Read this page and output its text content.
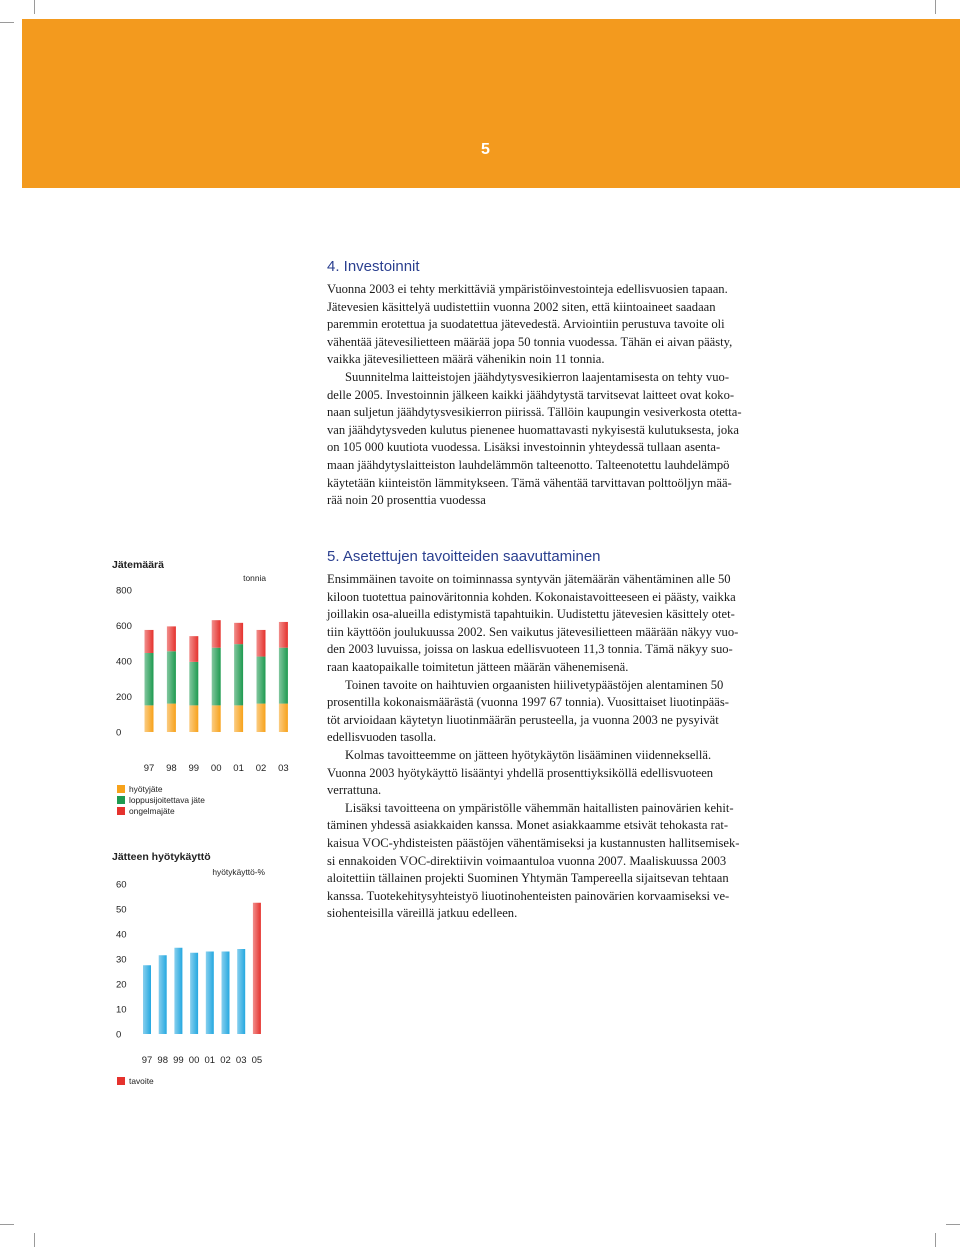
5
4. Investoinnit

Vuonna 2003 ei tehty merkittäviä ympäristöinvestointeja edellisvuosien tapaan.
Jätevesien käsittelyä uudistettiin vuonna 2002 siten, että kiintoaineet saadaan
paremmin erotettua ja suodatettua jätevedestä. Arviointiin perustuva tavoite oli
vähentää jätevesilietteen määrää jopa 50 tonnia vuodessa. Tähän ei aivan päästy,
vaikka jätevesilietteen määrä vähenikin noin 11 tonnia.

Suunnitelma laitteistojen jäähdytysvesikierron laajentamisesta on tehty vuo-
delle 2005. Investoinnin jälkeen kaikki jäähdytystä tarvitsevat laitteet ovat koko-
naan suljetun jäähdytysvesikierron piirissä. Tällöin kaupungin vesiverkosta otetta-
van jäähdytysveden kulutus pienenee huomattavasti nykyisestä kulutuksesta, joka
on 105 000 kuutiota vuodessa. Lisäksi investoinnin yhteydessä tullaan asenta-
maan jäähdytyslaitteiston lauhdelämmön talteenotto. Talteenotettu lauhdelämpö
käytetään kiinteistön lämmitykseen. Tämä vähentää tarvittavan polttoöljyn mää-
rää noin 20 prosenttia vuodessa

5. Asetettujen tavoitteiden saavuttaminen

Ensimmäinen tavoite on toiminnassa syntyvän jätemäärän vähentäminen alle 50
kiloon tuotettua painoväritonnia kohden. Kokonaistavoitteeseen ei päästy, vaikka
joillakin osa-alueilla edistymistä tapahtuikin. Uudistettu jätevesien käsittely otet-
tiin käyttöön joulukuussa 2002. Sen vaikutus jätevesilietteen määrään näkyy vuo-
den 2003 luvuissa, joissa on laskua edellisvuoteen 11,3 tonnia. Tämä näkyy suo-
raan kaatopaikalle toimitetun jätteen määrän vähenemisenä.

Toinen tavoite on haihtuvien orgaanisten hiilivetypäästöjen alentaminen 50
prosentilla kokonaismäärästä (vuonna 1997 67 tonnia). Vuosittaiset liuotinpääs-
töt arvioidaan käytetyn liuotinmäärän perusteella, ja vuonna 2003 ne pysyivät
edellisvuoden tasolla.

Kolmas tavoitteemme on jätteen hyötykäytön lisääminen viidenneksellä.
Vuonna 2003 hyötykäyttö lisääntyi yhdellä prosenttiyksiköllä edellisvuoteen
verrattuna.

Lisäksi tavoitteena on ympäristölle vähemmän haitallisten painovärien kehit-
täminen yhdessä asiakkaiden kanssa. Monet asiakkaamme etsivät tehokasta rat-
kaisua VOC-yhdisteisten päästöjen vähentämiseksi ja kustannusten hallitsemisek-
si ennakoiden VOC-direktiivin voimaantuloa vuonna 2007. Maaliskuussa 2003
aloitettiin tällainen projekti Suominen Yhtymän Tampereella sijaitsevan tehtaan
kanssa. Tuotekehitysyhteistyö liuotinohenteisten painovärien korvaamiseksi ve-
siohenteisilla väreillä jatkuu edelleen.

Jätemäärä
tonnia
0
200
400
600
800
97 98 99 00 01 02 03
hyötyjäte
loppusijoitettava jäte
ongelmajäte
Jätteen hyötykäyttö
hyötykäyttö-%
0
10
20
30
40
50
60
97 98 99 00 01 02 03 05
tavoite
